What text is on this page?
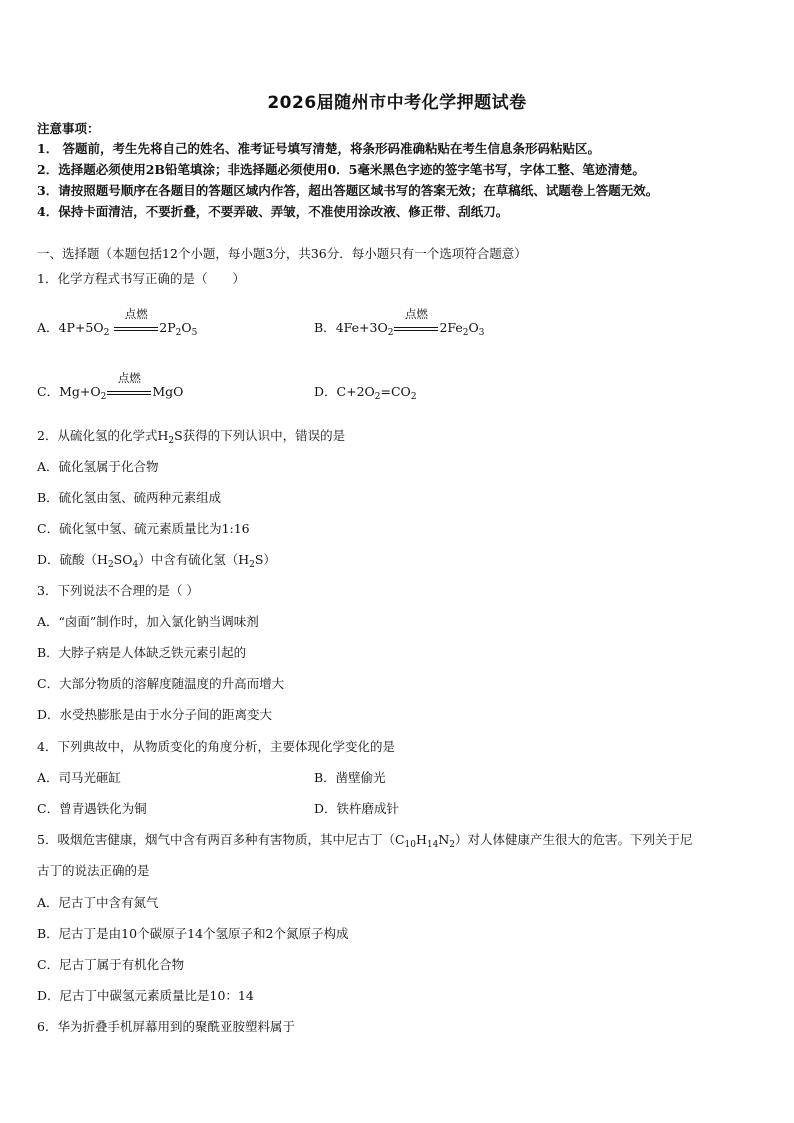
2026届随州市中考化学押题试卷
注意事项：
1． 答题前，考生先将自己的姓名、准考证号填写清楚，将条形码准确粘贴在考生信息条形码粘贴区。
2．选择题必须使用2B铅笔填涂；非选择题必须使用0．5毫米黑色字迹的签字笔书写，字体工整、笔迹清楚。
3．请按照题号顺序在各题目的答题区域内作答，超出答题区域书写的答案无效；在草稿纸、试题卷上答题无效。
4．保持卡面清洁，不要折叠，不要弄破、弄皱，不准使用涂改液、修正带、刮纸刀。
一、选择题（本题包括12个小题，每小题3分，共36分．每小题只有一个选项符合题意）
1．化学方程式书写正确的是（　　）
A．$4P+5O_2$
点燃
$2P_2O_5$	B．$4Fe+3O_2$
点燃
$2Fe_2O_3$
C．$Mg+O_2$
点燃
MgO	D．$C+2O_2=CO_2$
2．从硫化氢的化学式$H_2S$获得的下列认识中，错误的是
A．硫化氢属于化合物
B．硫化氢由氢、硫两种元素组成
C．硫化氢中氢、硫元素质量比为1:16
D．硫酸$(H_2SO_4)$中含有硫化氢$(H_2S)$
3．下列说法不合理的是（ ）
A．“卤面”制作时，加入氯化钠当调味剂
B．大脖子病是人体缺乏铁元素引起的
C．大部分物质的溶解度随温度的升高而增大
D．水受热膨胀是由于水分子间的距离变大
4．下列典故中，从物质变化的角度分析，主要体现化学变化的是
A．司马光砸缸	B．凿壁偷光
C．曾青遇铁化为铜	D．铁杵磨成针
5．吸烟危害健康，烟气中含有两百多种有害物质，其中尼古丁$(C_{10}H_{14}N_2)$对人体健康产生很大的危害。下列关于尼
古丁的说法正确的是
A．尼古丁中含有氮气
B．尼古丁是由10个碳原子14个氢原子和2个氮原子构成
C．尼古丁属于有机化合物
D．尼古丁中碳氢元素质量比是10：14
6．华为折叠手机屏幕用到的聚酰亚胺塑料属于
